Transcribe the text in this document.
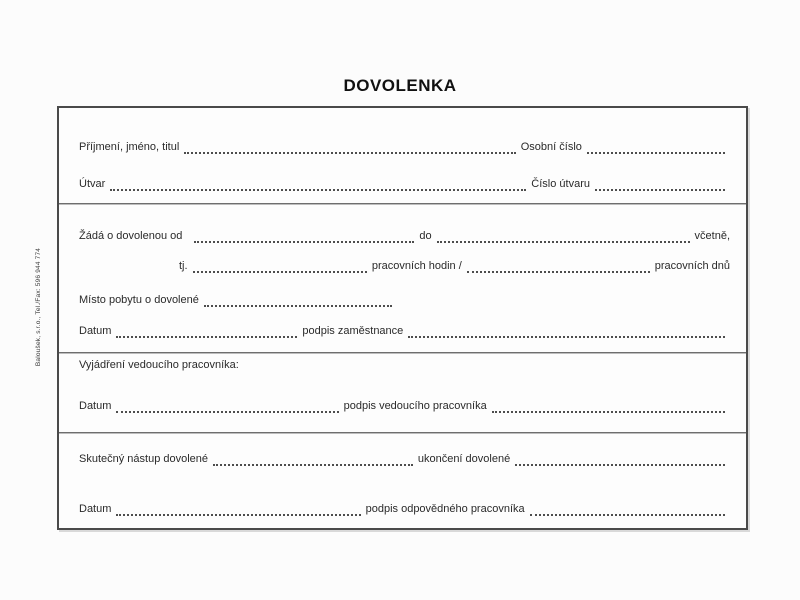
DOVOLENKA
Baloušek, s.r.o., Tel./Fax: 596 944 774
Příjmení, jméno, titul	Osobní číslo
Útvar	Číslo útvaru
Žádá o dovolenou od	do	včetně,
tj.	pracovních hodin /	pracovních dnů
Místo pobytu o dovolené
Datum	podpis zaměstnance
Vyjádření vedoucího pracovníka:
Datum	podpis vedoucího pracovníka
Skutečný nástup dovolené	ukončení dovolené
Datum	podpis odpovědného pracovníka
